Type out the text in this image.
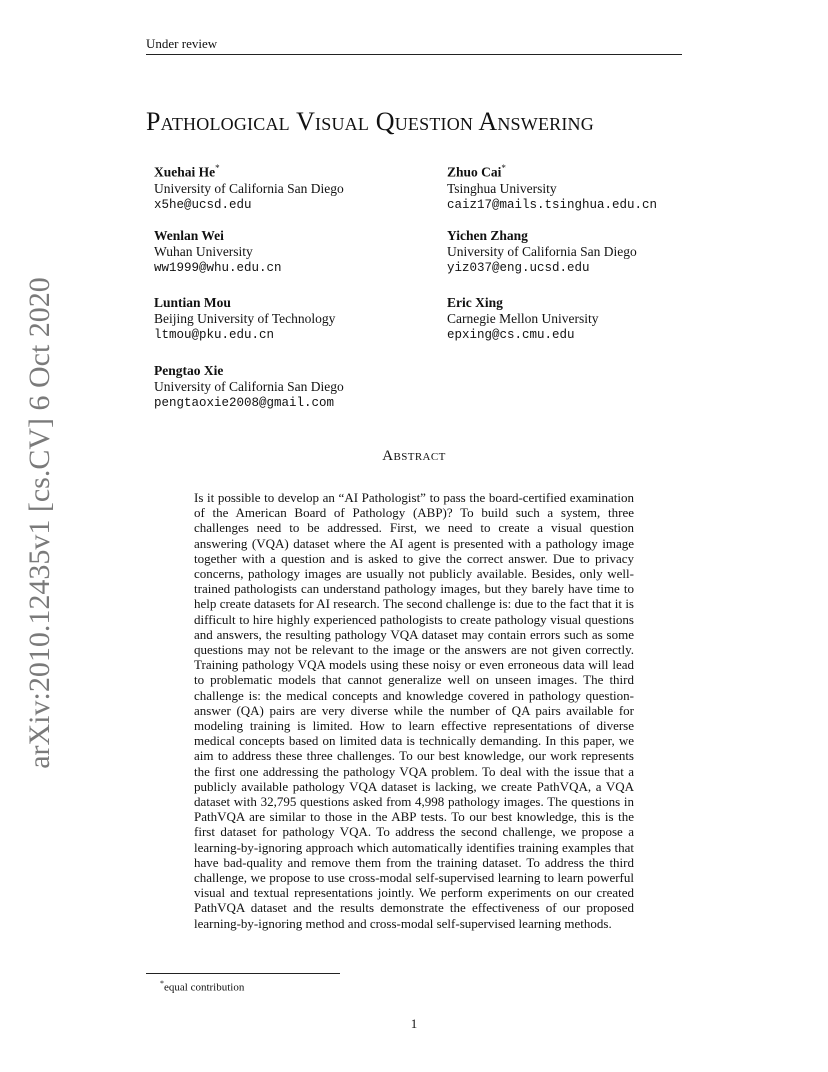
Under review
arXiv:2010.12435v1 [cs.CV] 6 Oct 2020
Pathological Visual Question Answering
Xuehai He*
University of California San Diego
x5he@ucsd.edu
Zhuo Cai*
Tsinghua University
caiz17@mails.tsinghua.edu.cn
Wenlan Wei
Wuhan University
ww1999@whu.edu.cn
Yichen Zhang
University of California San Diego
yiz037@eng.ucsd.edu
Luntian Mou
Beijing University of Technology
ltmou@pku.edu.cn
Eric Xing
Carnegie Mellon University
epxing@cs.cmu.edu
Pengtao Xie
University of California San Diego
pengtaoxie2008@gmail.com
Abstract
Is it possible to develop an “AI Pathologist” to pass the board-certified examination of the American Board of Pathology (ABP)? To build such a system, three challenges need to be addressed. First, we need to create a visual question answering (VQA) dataset where the AI agent is presented with a pathology image together with a question and is asked to give the correct answer. Due to privacy concerns, pathology images are usually not publicly available. Besides, only well-trained pathologists can understand pathology images, but they barely have time to help create datasets for AI research. The second challenge is: due to the fact that it is difficult to hire highly experienced pathologists to create pathology visual questions and answers, the resulting pathology VQA dataset may contain errors such as some questions may not be relevant to the image or the answers are not given correctly. Training pathology VQA models using these noisy or even erroneous data will lead to problematic models that cannot generalize well on unseen images. The third challenge is: the medical concepts and knowledge covered in pathology question-answer (QA) pairs are very diverse while the number of QA pairs available for modeling training is limited. How to learn effective representations of diverse medical concepts based on limited data is technically demanding. In this paper, we aim to address these three challenges. To our best knowledge, our work represents the first one addressing the pathology VQA problem. To deal with the issue that a publicly available pathology VQA dataset is lacking, we create PathVQA, a VQA dataset with 32,795 questions asked from 4,998 pathology images. The questions in PathVQA are similar to those in the ABP tests. To our best knowledge, this is the first dataset for pathology VQA. To address the second challenge, we propose a learning-by-ignoring approach which automatically identifies training examples that have bad-quality and remove them from the training dataset. To address the third challenge, we propose to use cross-modal self-supervised learning to learn powerful visual and textual representations jointly. We perform experiments on our created PathVQA dataset and the results demonstrate the effectiveness of our proposed learning-by-ignoring method and cross-modal self-supervised learning methods.
*equal contribution
1
